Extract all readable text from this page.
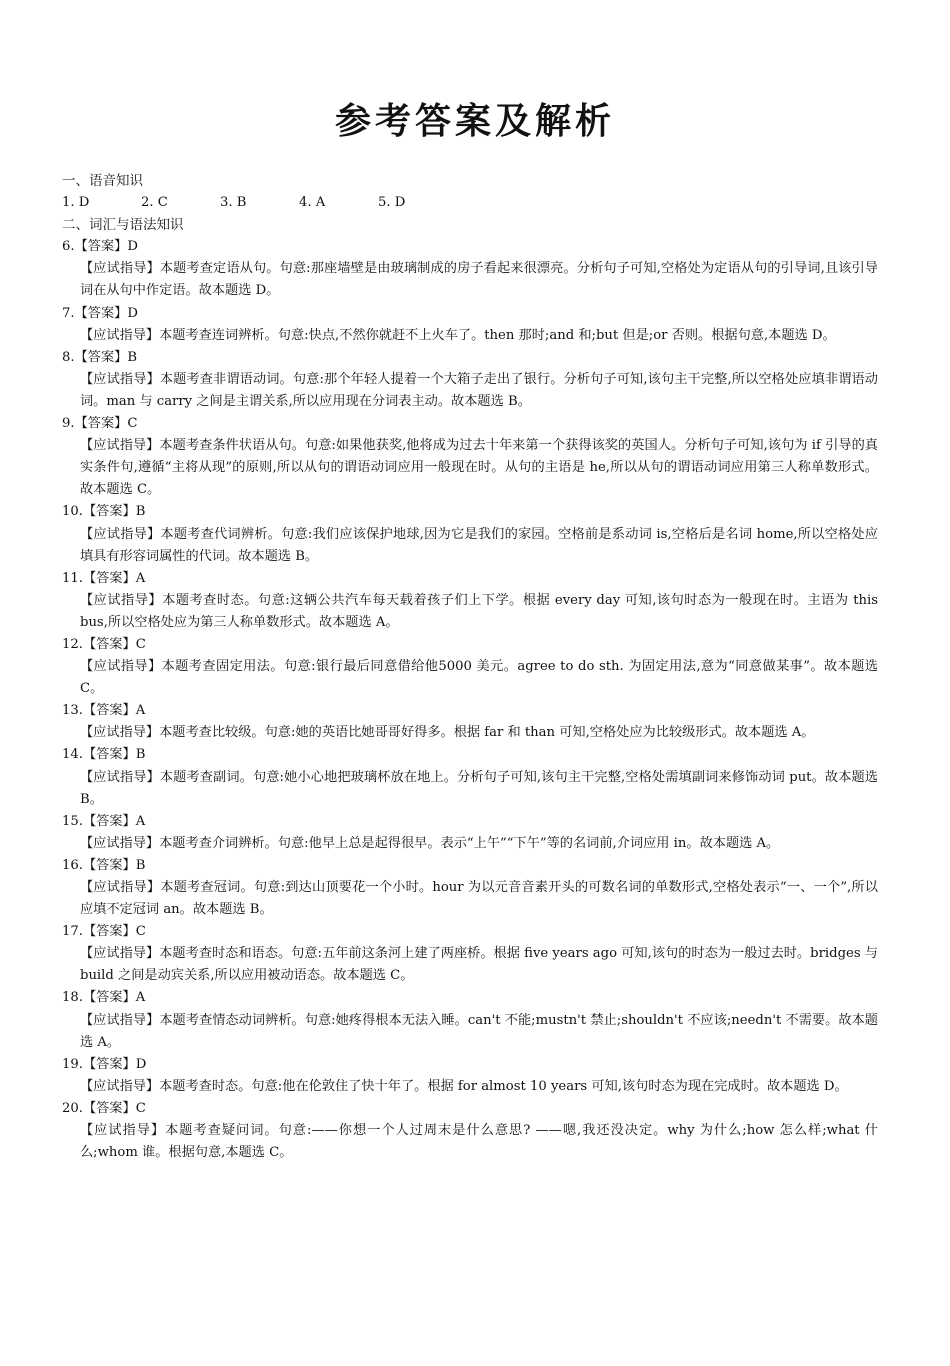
参考答案及解析
一、语音知识
1. D	2. C	3. B	4. A	5. D
二、词汇与语法知识
6.【答案】D
【应试指导】本题考查定语从句。句意:那座墙壁是由玻璃制成的房子看起来很漂亮。分析句子可知,空格处为定语从句的引导词,且该引导词在从句中作定语。故本题选 D。
7.【答案】D
【应试指导】本题考查连词辨析。句意:快点,不然你就赶不上火车了。then 那时;and 和;but 但是;or 否则。根据句意,本题选 D。
8.【答案】B
【应试指导】本题考查非谓语动词。句意:那个年轻人提着一个大箱子走出了银行。分析句子可知,该句主干完整,所以空格处应填非谓语动词。man 与 carry 之间是主谓关系,所以应用现在分词表主动。故本题选 B。
9.【答案】C
【应试指导】本题考查条件状语从句。句意:如果他获奖,他将成为过去十年来第一个获得该奖的英国人。分析句子可知,该句为 if 引导的真实条件句,遵循“主将从现”的原则,所以从句的谓语动词应用一般现在时。从句的主语是 he,所以从句的谓语动词应用第三人称单数形式。故本题选 C。
10.【答案】B
【应试指导】本题考查代词辨析。句意:我们应该保护地球,因为它是我们的家园。空格前是系动词 is,空格后是名词 home,所以空格处应填具有形容词属性的代词。故本题选 B。
11.【答案】A
【应试指导】本题考查时态。句意:这辆公共汽车每天载着孩子们上下学。根据 every day 可知,该句时态为一般现在时。主语为 this bus,所以空格处应为第三人称单数形式。故本题选 A。
12.【答案】C
【应试指导】本题考查固定用法。句意:银行最后同意借给他5000 美元。agree to do sth. 为固定用法,意为“同意做某事”。故本题选 C。
13.【答案】A
【应试指导】本题考查比较级。句意:她的英语比她哥哥好得多。根据 far 和 than 可知,空格处应为比较级形式。故本题选 A。
14.【答案】B
【应试指导】本题考查副词。句意:她小心地把玻璃杯放在地上。分析句子可知,该句主干完整,空格处需填副词来修饰动词 put。故本题选 B。
15.【答案】A
【应试指导】本题考查介词辨析。句意:他早上总是起得很早。表示“上午”“下午”等的名词前,介词应用 in。故本题选 A。
16.【答案】B
【应试指导】本题考查冠词。句意:到达山顶要花一个小时。hour 为以元音音素开头的可数名词的单数形式,空格处表示“一、一个”,所以应填不定冠词 an。故本题选 B。
17.【答案】C
【应试指导】本题考查时态和语态。句意:五年前这条河上建了两座桥。根据 five years ago 可知,该句的时态为一般过去时。bridges 与 build 之间是动宾关系,所以应用被动语态。故本题选 C。
18.【答案】A
【应试指导】本题考查情态动词辨析。句意:她疼得根本无法入睡。can't 不能;mustn't 禁止;shouldn't 不应该;needn't 不需要。故本题选 A。
19.【答案】D
【应试指导】本题考查时态。句意:他在伦敦住了快十年了。根据 for almost 10 years 可知,该句时态为现在完成时。故本题选 D。
20.【答案】C
【应试指导】本题考查疑问词。句意:——你想一个人过周末是什么意思? ——嗯,我还没决定。why 为什么;how 怎么样;what 什么;whom 谁。根据句意,本题选 C。
